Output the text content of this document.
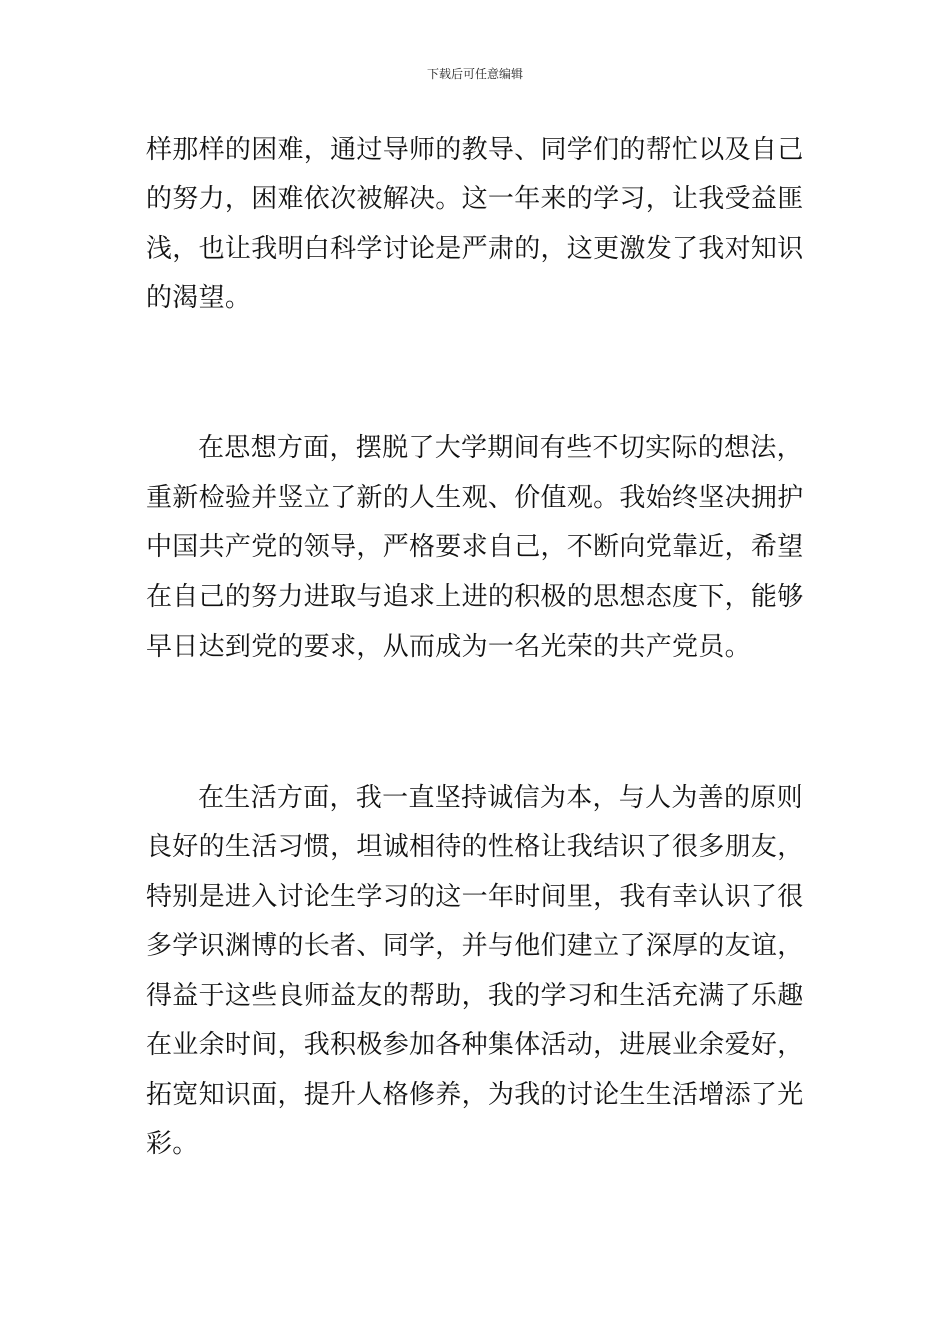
下载后可任意编辑
样那样的困难，通过导师的教导、同学们的帮忙以及自己
的努力，困难依次被解决。这一年来的学习，让我受益匪
浅，也让我明白科学讨论是严肃的，这更激发了我对知识
的渴望。
在思想方面，摆脱了大学期间有些不切实际的想法，
重新检验并竖立了新的人生观、价值观。我始终坚决拥护
中国共产党的领导，严格要求自己，不断向党靠近，希望
在自己的努力进取与追求上进的积极的思想态度下，能够
早日达到党的要求，从而成为一名光荣的共产党员。
在生活方面，我一直坚持诚信为本，与人为善的原则
良好的生活习惯，坦诚相待的性格让我结识了很多朋友，
特别是进入讨论生学习的这一年时间里，我有幸认识了很
多学识渊博的长者、同学，并与他们建立了深厚的友谊，
得益于这些良师益友的帮助，我的学习和生活充满了乐趣
在业余时间，我积极参加各种集体活动，进展业余爱好，
拓宽知识面，提升人格修养，为我的讨论生生活增添了光
彩。
